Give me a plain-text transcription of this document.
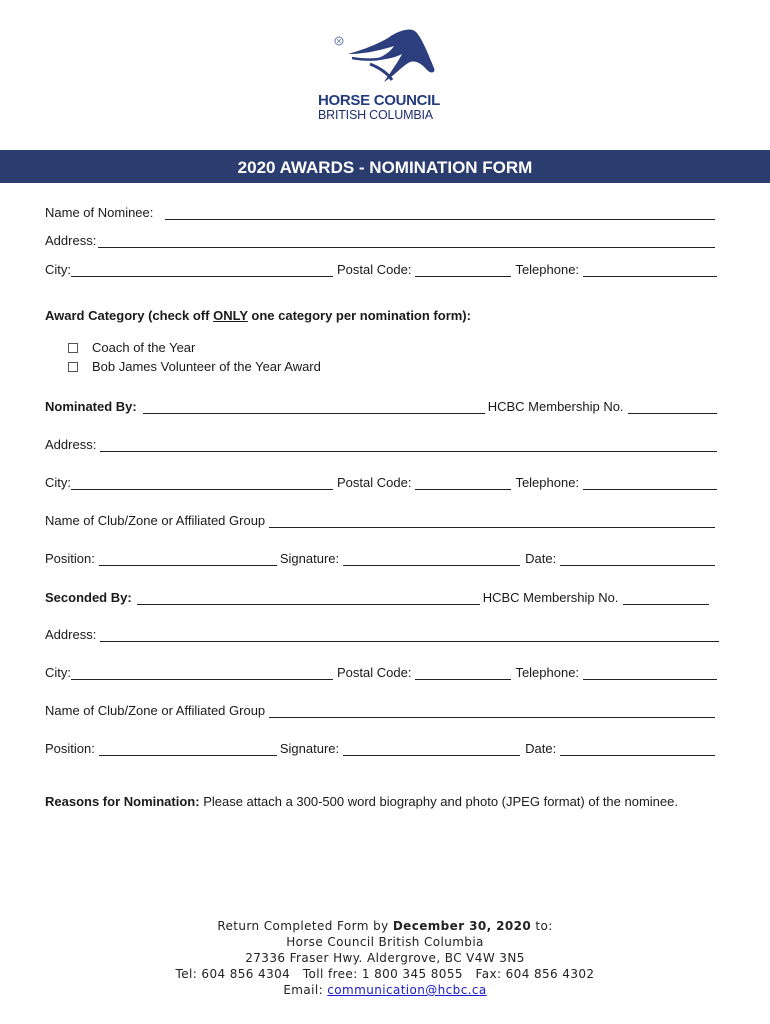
HORSE COUNCIL
BRITISH COLUMBIA
2020 AWARDS - NOMINATION FORM
Name of Nominee:
Address:
City:	Postal Code:	Telephone:
Award Category (check off ONLY one category per nomination form):
Coach of the Year
Bob James Volunteer of the Year Award
Nominated By:	HCBC Membership No.
Address:
City:	Postal Code:	Telephone:
Name of Club/Zone or Affiliated Group
Position:	Signature:	Date:
Seconded By:	HCBC Membership No.
Address:
City:	Postal Code:	Telephone:
Name of Club/Zone or Affiliated Group
Position:	Signature:	Date:
Reasons for Nomination: Please attach a 300-500 word biography and photo (JPEG format) of the nominee.
Return Completed Form by December 30, 2020 to:
Horse Council British Columbia
27336 Fraser Hwy. Aldergrove, BC V4W 3N5
Tel: 604 856 4304   Toll free: 1 800 345 8055   Fax: 604 856 4302
Email: communication@hcbc.ca
